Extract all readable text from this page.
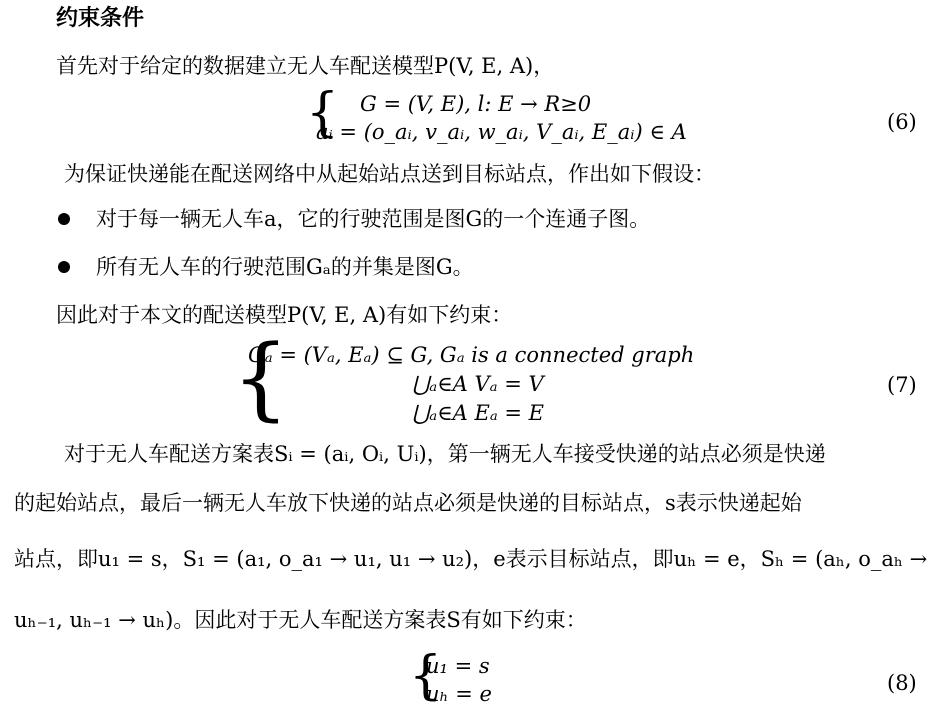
约束条件
首先对于给定的数据建立无人车配送模型P(V, E, A)，
{ G = (V, E), l: E → R≥0
aᵢ = (o_aᵢ, v_aᵢ, w_aᵢ, V_aᵢ, E_aᵢ) ∈ A	(6)
为保证快递能在配送网络中从起始站点送到目标站点，作出如下假设：
对于每一辆无人车a，它的行驶范围是图G的一个连通子图。
所有无人车的行驶范围Gₐ的并集是图G。
因此对于本文的配送模型P(V, E, A)有如下约束：
{
Gₐ = (Vₐ, Eₐ) ⊆ G, Gₐ is a connected graph
⋃ₐ∈A Vₐ = V
⋃ₐ∈A Eₐ = E
(7)
对于无人车配送方案表Sᵢ = (aᵢ, Oᵢ, Uᵢ)，第一辆无人车接受快递的站点必须是快递
的起始站点，最后一辆无人车放下快递的站点必须是快递的目标站点，s表示快递起始
站点，即u₁ = s，S₁ = (a₁, o_a₁ → u₁, u₁ → u₂)，e表示目标站点，即uₕ = e，Sₕ = (aₕ, o_aₕ →
uₕ₋₁, uₕ₋₁ → uₕ)。因此对于无人车配送方案表S有如下约束：
{
u₁ = s
uₕ = e	(8)
